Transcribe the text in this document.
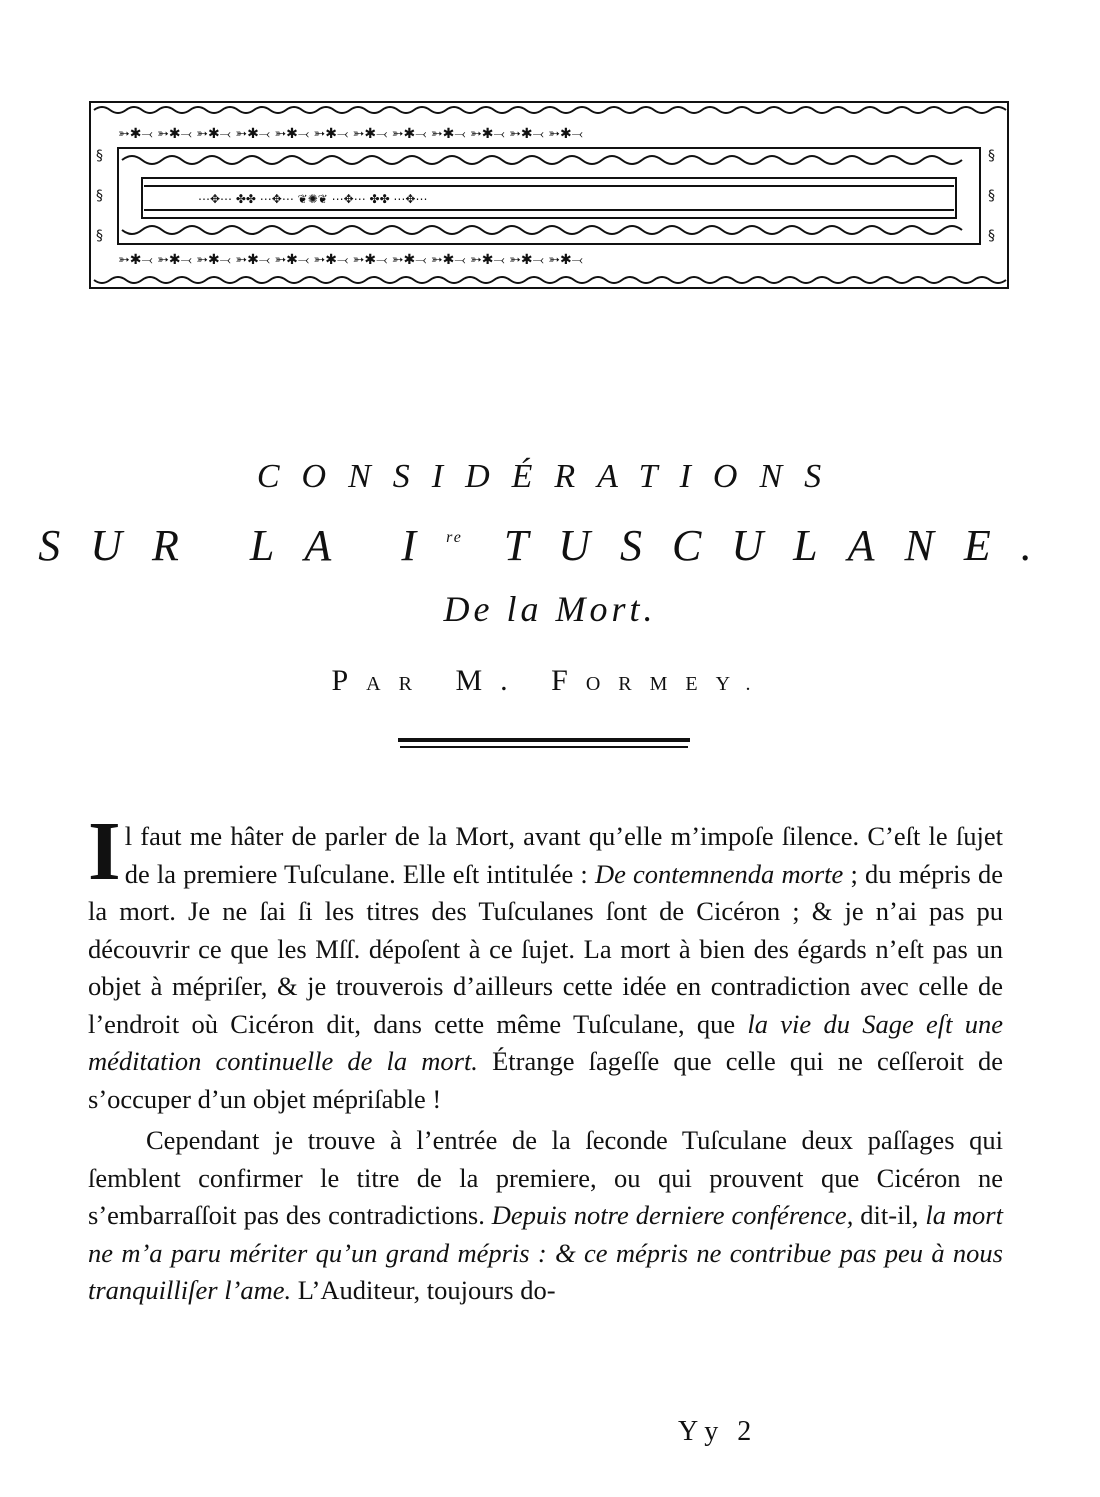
➳✱⤙ ➳✱⤙ ➳✱⤙ ➳✱⤙ ➳✱⤙ ➳✱⤙ ➳✱⤙ ➳✱⤙ ➳✱⤙ ➳✱⤙ ➳✱⤙ ➳✱⤙
➳✱⤙ ➳✱⤙ ➳✱⤙ ➳✱⤙ ➳✱⤙ ➳✱⤙ ➳✱⤙ ➳✱⤙ ➳✱⤙ ➳✱⤙ ➳✱⤙ ➳✱⤙
⋯✥⋯ ✤✤ ⋯✥⋯ ❦✺❦ ⋯✥⋯ ✤✤ ⋯✥⋯
§
§
§
§
§
§

CONSIDÉRATIONS

SUR LA Ire TUSCULANE.

De la Mort.

PAR M. FORMEY.

Il faut me hâter de parler de la Mort, avant qu’elle m’impoſe ſilence. C’eſt le ſujet de la premiere Tuſculane. Elle eſt intitulée : De contemnenda morte ; du mépris de la mort. Je ne ſai ſi les titres des Tuſculanes ſont de Cicéron ; & je n’ai pas pu découvrir ce que les Mſſ. dépoſent à ce ſujet. La mort à bien des égards n’eſt pas un objet à mépriſer, & je trouverois d’ailleurs cette idée en contradiction avec celle de l’endroit où Cicéron dit, dans cette même Tuſculane, que la vie du Sage eſt une méditation continuelle de la mort. Étrange ſageſſe que celle qui ne ceſſeroit de s’occuper d’un objet mépriſable !

Cependant je trouve à l’entrée de la ſeconde Tuſculane deux paſſages qui ſemblent confirmer le titre de la premiere, ou qui prouvent que Cicéron ne s’embarraſſoit pas des contradictions. Depuis notre derniere conférence, dit-il, la mort ne m’a paru mériter qu’un grand mépris : & ce mépris ne contribue pas peu à nous tranquilliſer l’ame. L’Auditeur, toujours do-

Yy 2
